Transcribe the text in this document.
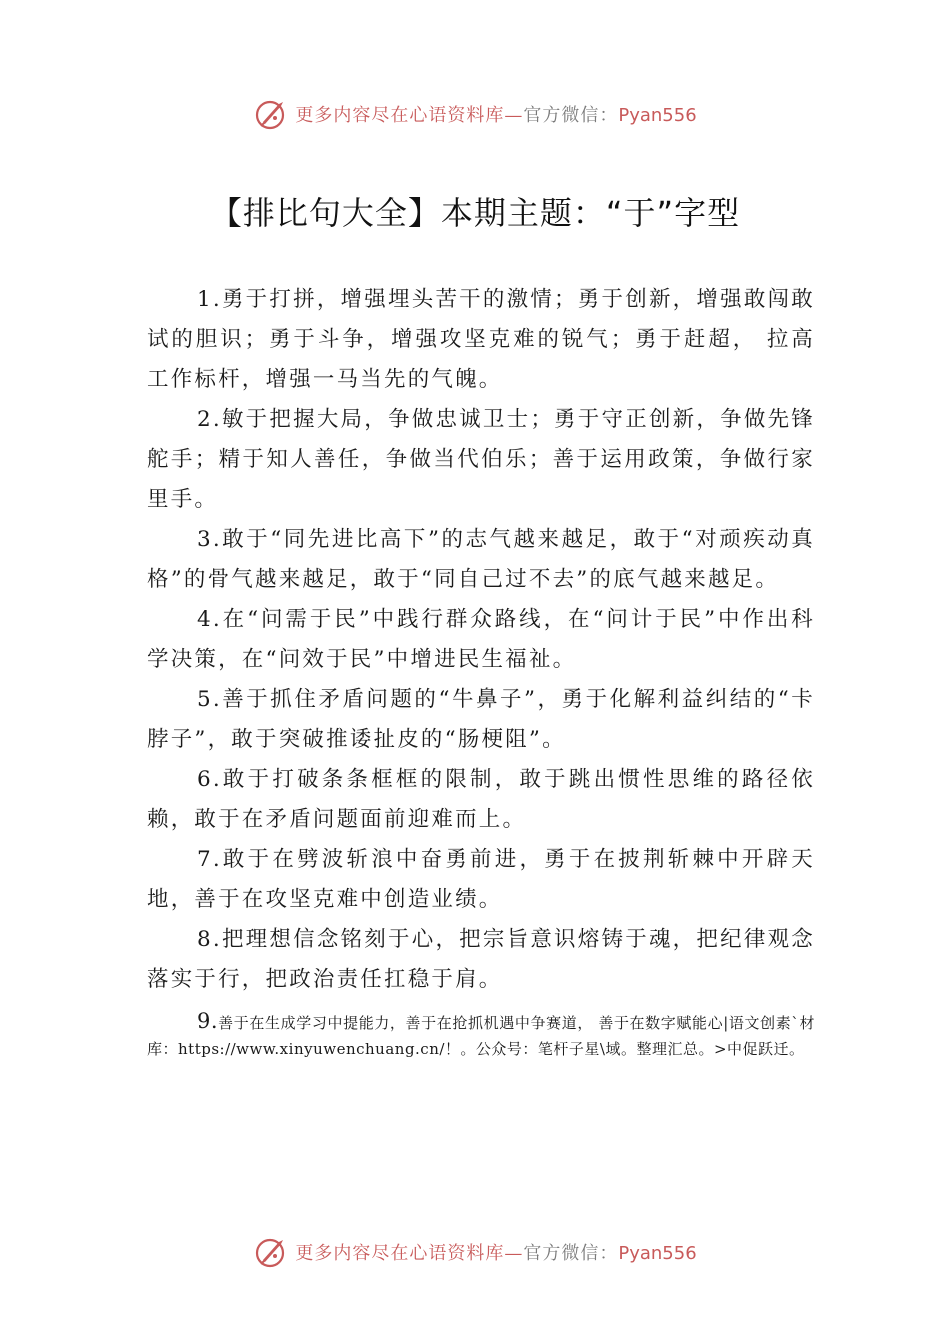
更多内容尽在心语资料库—官方微信：Pyan556
【排比句大全】本期主题：“于”字型

1.勇于打拼，增强埋头苦干的激情；勇于创新，增强敢闯敢试的胆识；勇于斗争，增强攻坚克难的锐气；勇于赶超， 拉高工作标杆，增强一马当先的气魄。

2.敏于把握大局，争做忠诚卫士；勇于守正创新，争做先锋舵手；精于知人善任，争做当代伯乐；善于运用政策，争做行家里手。

3.敢于“同先进比高下”的志气越来越足，敢于“对顽疾动真格”的骨气越来越足，敢于“同自己过不去”的底气越来越足。

4.在“问需于民”中践行群众路线，在“问计于民”中作出科学决策，在“问效于民”中增进民生福祉。

5.善于抓住矛盾问题的“牛鼻子”，勇于化解利益纠结的“卡脖子”，敢于突破推诿扯皮的“肠梗阻”。

6.敢于打破条条框框的限制，敢于跳出惯性思维的路径依赖，敢于在矛盾问题面前迎难而上。

7.敢于在劈波斩浪中奋勇前进，勇于在披荆斩棘中开辟天地，善于在攻坚克难中创造业绩。

8.把理想信念铭刻于心，把宗旨意识熔铸于魂，把纪律观念落实于行，把政治责任扛稳于肩。

9.善于在生成学习中提能力，善于在抢抓机遇中争赛道， 善于在数字赋能心|语文创素`材库：https://www.xinyuwenchuang.cn/！。公众号：笔杆子星\域。整理汇总。>中促跃迁。

更多内容尽在心语资料库—官方微信：Pyan556
